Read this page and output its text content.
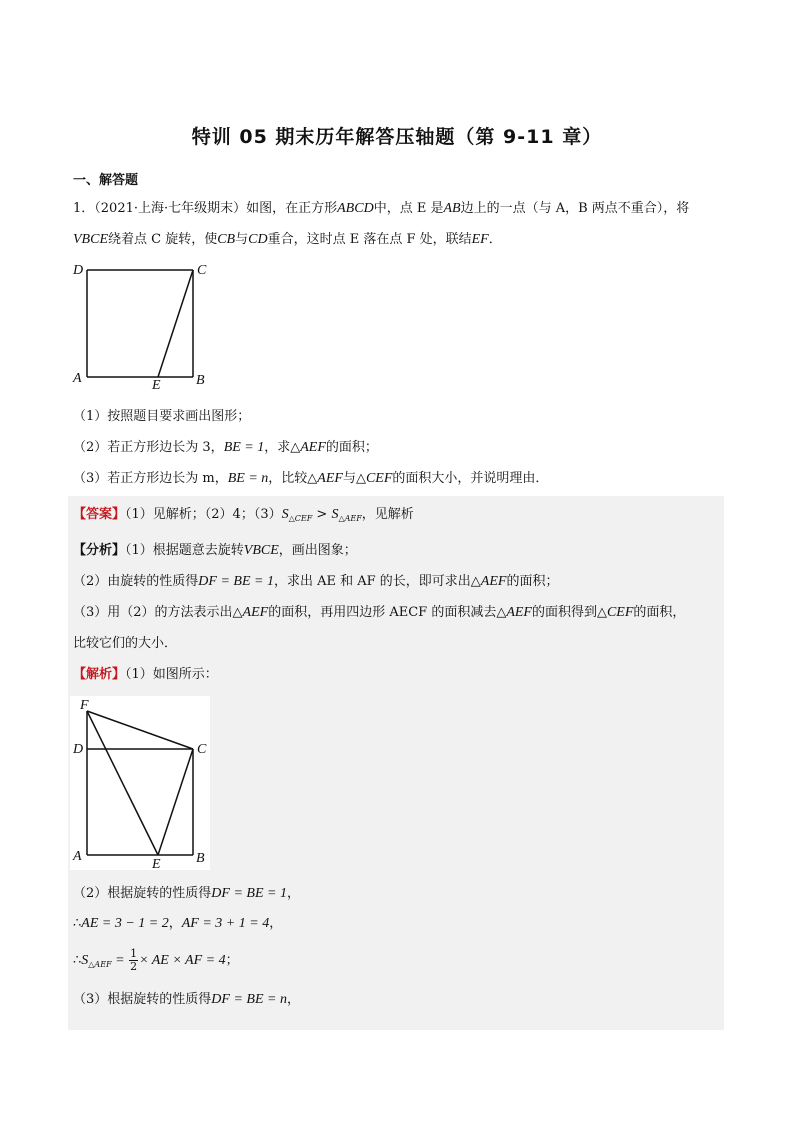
特训 05 期末历年解答压轴题（第 9-11 章）
一、解答题
1．（2021·上海·七年级期末）如图，在正方形ABCD中，点 E 是AB边上的一点（与 A，B 两点不重合），将
VBCE绕着点 C 旋转，使CB与CD重合，这时点 E 落在点 F 处，联结EF．
D	C
A	E	B
（1）按照题目要求画出图形；
（2）若正方形边长为 3，BE = 1，求△AEF的面积；
（3）若正方形边长为 m，BE = n，比较△AEF与△CEF的面积大小，并说明理由．
【答案】（1）见解析；（2）4；$(3)S_{\triangle CEF} > S_{\triangle AEF}$，见解析
【分析】（1）根据题意去旋转VBCE，画出图象；
（2）由旋转的性质得DF = BE = 1，求出 AE 和 AF 的长，即可求出△AEF的面积；
（3）用（2）的方法表示出△AEF的面积，再用四边形 AECF 的面积减去△AEF的面积得到△CEF的面积，
比较它们的大小．
【解析】（1）如图所示：
F
D	C
A
E	B
（2）根据旋转的性质得DF = BE = 1，
∴AE = 3 − 1 = 2，AF = 3 + 1 = 4，
$\therefore S_{\triangle AEF} = \frac{1}{2}$ × AE × AF = 4；
（3）根据旋转的性质得DF = BE = n，
